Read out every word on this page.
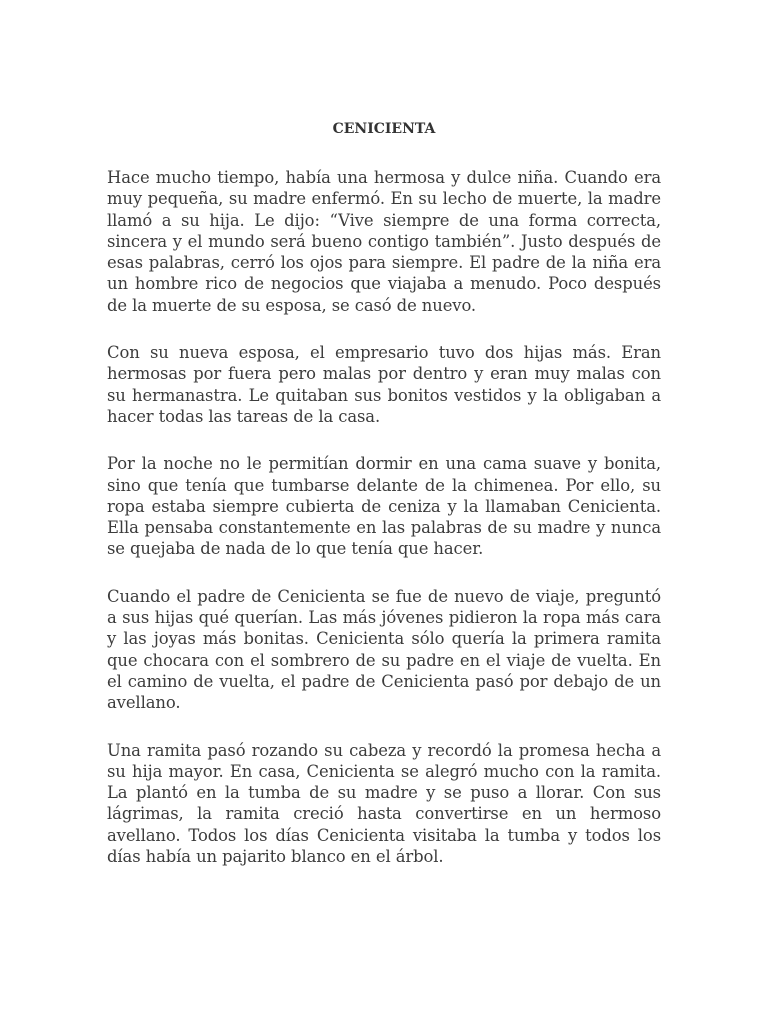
CENICIENTA

Hace mucho tiempo, había una hermosa y dulce niña. Cuando era muy pequeña, su madre enfermó. En su lecho de muerte, la madre llamó a su hija. Le dijo: “Vive siempre de una forma correcta, sincera y el mundo será bueno contigo también”. Justo después de esas palabras, cerró los ojos para siempre. El padre de la niña era un hombre rico de negocios que viajaba a menudo. Poco después de la muerte de su esposa, se casó de nuevo.

Con su nueva esposa, el empresario tuvo dos hijas más. Eran hermosas por fuera pero malas por dentro y eran muy malas con su hermanastra. Le quitaban sus bonitos vestidos y la obligaban a hacer todas las tareas de la casa.

Por la noche no le permitían dormir en una cama suave y bonita, sino que tenía que tumbarse delante de la chimenea. Por ello, su ropa estaba siempre cubierta de ceniza y la llamaban Cenicienta. Ella pensaba constantemente en las palabras de su madre y nunca se quejaba de nada de lo que tenía que hacer.

Cuando el padre de Cenicienta se fue de nuevo de viaje, preguntó a sus hijas qué querían. Las más jóvenes pidieron la ropa más cara y las joyas más bonitas. Cenicienta sólo quería la primera ramita que chocara con el sombrero de su padre en el viaje de vuelta. En el camino de vuelta, el padre de Cenicienta pasó por debajo de un avellano.

Una ramita pasó rozando su cabeza y recordó la promesa hecha a su hija mayor. En casa, Cenicienta se alegró mucho con la ramita. La plantó en la tumba de su madre y se puso a llorar. Con sus lágrimas, la ramita creció hasta convertirse en un hermoso avellano. Todos los días Cenicienta visitaba la tumba y todos los días había un pajarito blanco en el árbol.
